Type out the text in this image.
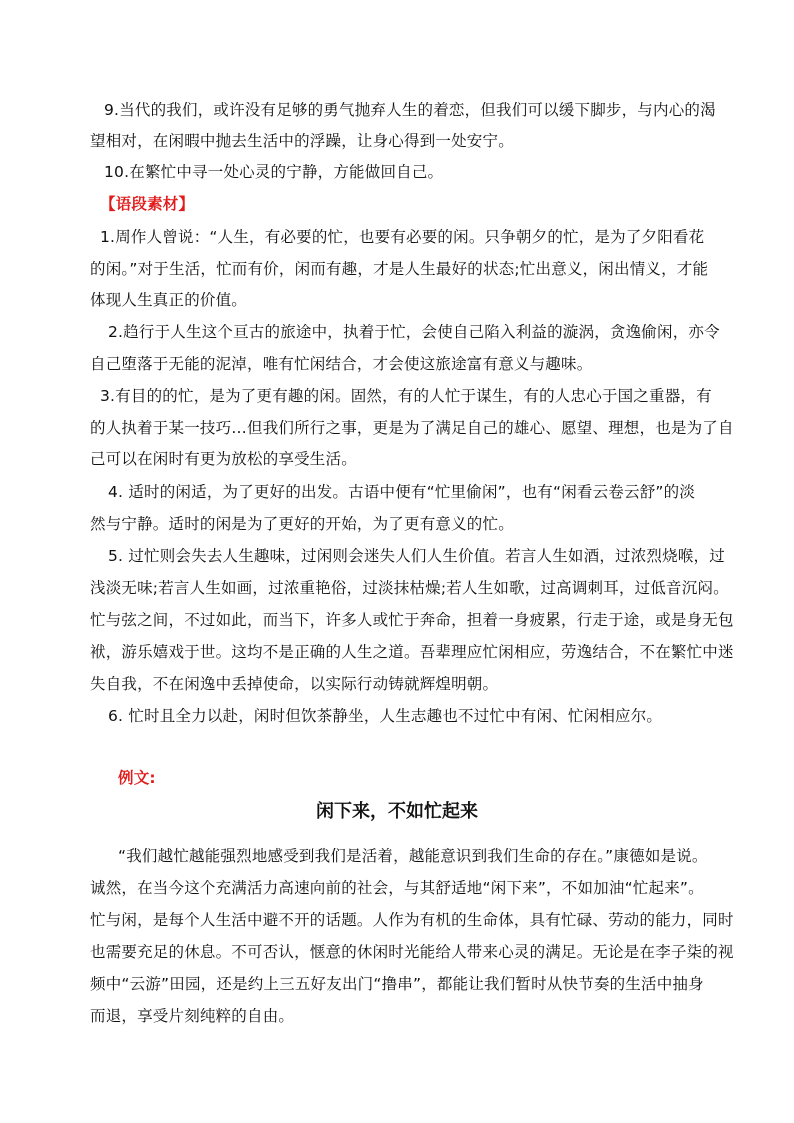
9.当代的我们，或许没有足够的勇气抛弃人生的着恋，但我们可以缓下脚步，与内心的渴
望相对，在闲暇中抛去生活中的浮躁，让身心得到一处安宁。
10.在繁忙中寻一处心灵的宁静，方能做回自己。
【语段素材】
1.周作人曾说：“人生，有必要的忙，也要有必要的闲。只争朝夕的忙，是为了夕阳看花
的闲。”对于生活，忙而有价，闲而有趣，才是人生最好的状态;忙出意义，闲出情义，才能
体现人生真正的价值。
2.趋行于人生这个亘古的旅途中，执着于忙，会使自己陷入利益的漩涡，贪逸偷闲，亦令
自己堕落于无能的泥淖，唯有忙闲结合，才会使这旅途富有意义与趣味。
3.有目的的忙，是为了更有趣的闲。固然，有的人忙于谋生，有的人忠心于国之重器，有
的人执着于某一技巧…但我们所行之事，更是为了满足自己的雄心、愿望、理想，也是为了自
己可以在闲时有更为放松的享受生活。
4. 适时的闲适，为了更好的出发。古语中便有“忙里偷闲”，也有“闲看云卷云舒”的淡
然与宁静。适时的闲是为了更好的开始，为了更有意义的忙。
5. 过忙则会失去人生趣味，过闲则会迷失人们人生价值。若言人生如酒，过浓烈烧喉，过
浅淡无味;若言人生如画，过浓重艳俗，过淡抹枯燥;若人生如歌，过高调刺耳，过低音沉闷。
忙与弦之间，不过如此，而当下，许多人或忙于奔命，担着一身疲累，行走于途，或是身无包
袱，游乐嬉戏于世。这均不是正确的人生之道。吾辈理应忙闲相应，劳逸结合，不在繁忙中迷
失自我，不在闲逸中丢掉使命，以实际行动铸就辉煌明朝。
6. 忙时且全力以赴，闲时但饮茶静坐，人生志趣也不过忙中有闲、忙闲相应尔。
例文:
闲下来，不如忙起来
“我们越忙越能强烈地感受到我们是活着，越能意识到我们生命的存在。”康德如是说。
诚然，在当今这个充满活力高速向前的社会，与其舒适地“闲下来”，不如加油“忙起来”。
忙与闲，是每个人生活中避不开的话题。人作为有机的生命体，具有忙碌、劳动的能力，同时
也需要充足的休息。不可否认，惬意的休闲时光能给人带来心灵的满足。无论是在李子柒的视
频中“云游”田园，还是约上三五好友出门“撸串”，都能让我们暂时从快节奏的生活中抽身
而退，享受片刻纯粹的自由。
